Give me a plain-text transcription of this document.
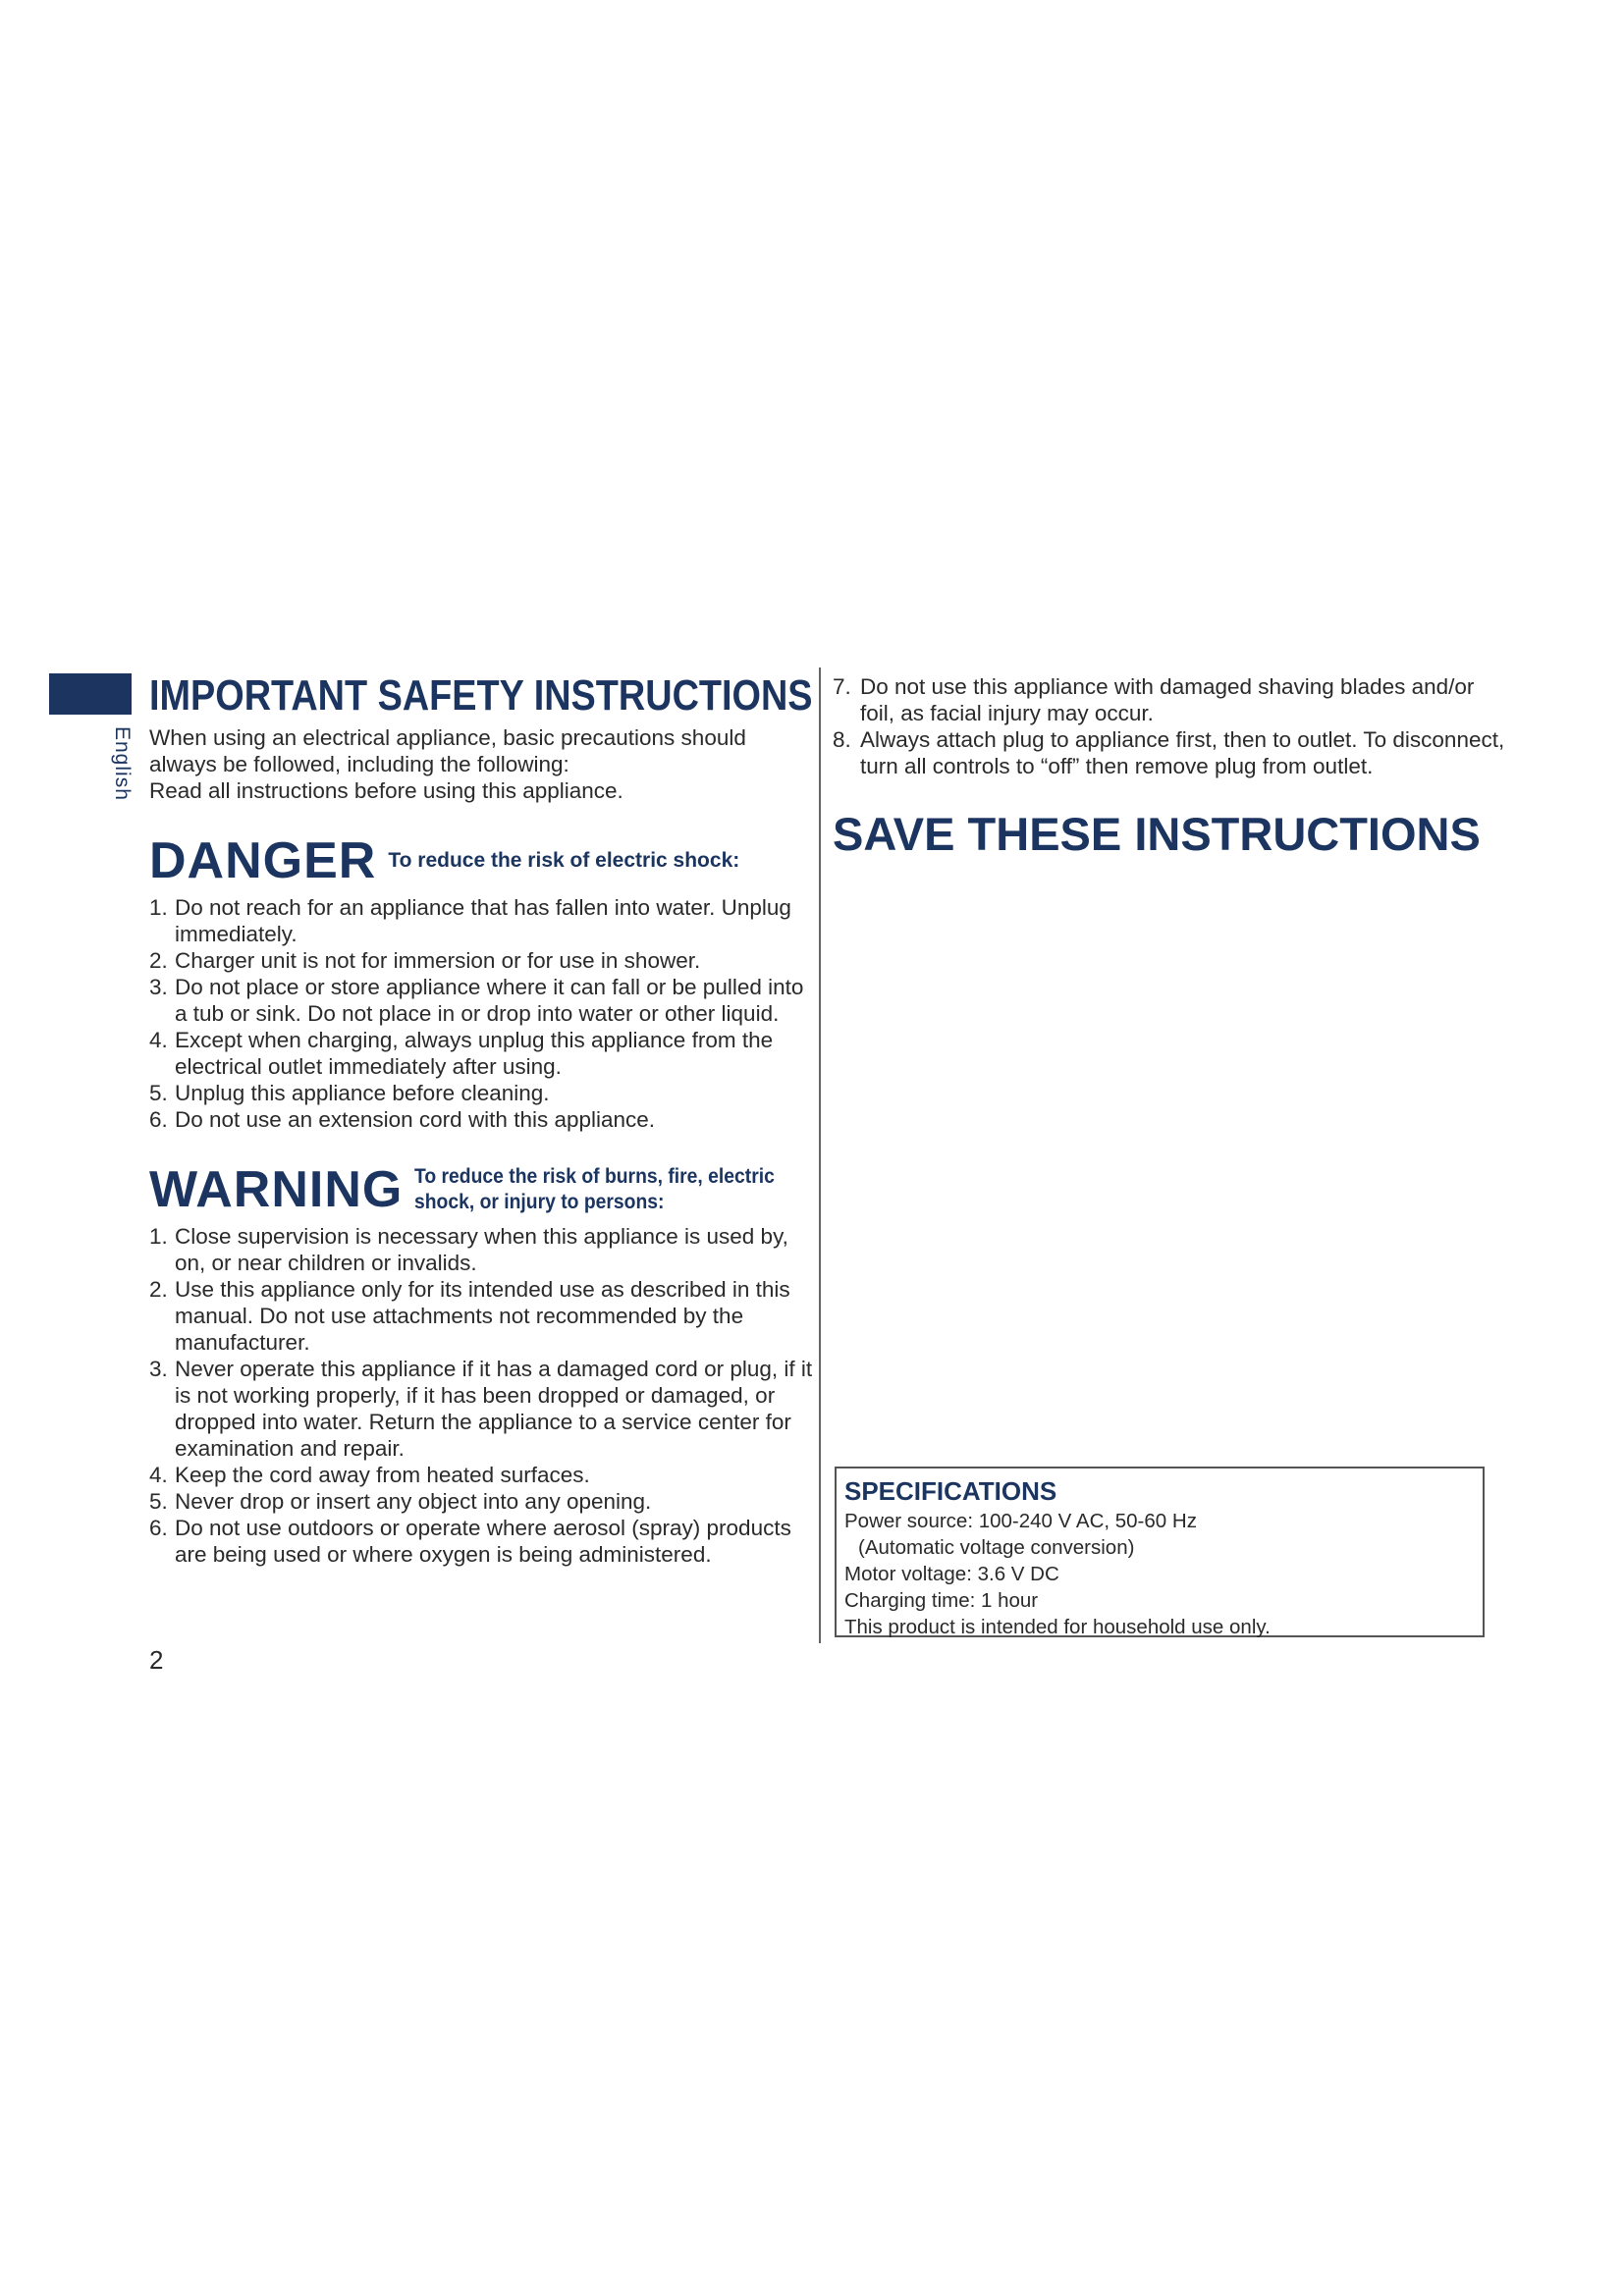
English
IMPORTANT SAFETY INSTRUCTIONS

When using an electrical appliance, basic precautions should

always be followed, including the following:

Read all instructions before using this appliance.

DANGER To reduce the risk of electric shock:
1. Do not reach for an appliance that has fallen into water. Unplug immediately.
2. Charger unit is not for immersion or for use in shower.
3. Do not place or store appliance where it can fall or be pulled into a tub or sink. Do not place in or drop into water or other liquid.
4. Except when charging, always unplug this appliance from the electrical outlet immediately after using.
5. Unplug this appliance before cleaning.
6. Do not use an extension cord with this appliance.
WARNING To reduce the risk of burns, fire, electric
shock, or injury to persons:
1. Close supervision is necessary when this appliance is used by, on, or near children or invalids.
2. Use this appliance only for its intended use as described in this manual. Do not use attachments not recommended by the manufacturer.
3. Never operate this appliance if it has a damaged cord or plug, if it is not working properly, if it has been dropped or damaged, or dropped into water. Return the appliance to a service center for examination and repair.
4. Keep the cord away from heated surfaces.
5. Never drop or insert any object into any opening.
6. Do not use outdoors or operate where aerosol (spray) products are being used or where oxygen is being administered.
7. Do not use this appliance with damaged shaving blades and/or foil, as facial injury may occur.
8. Always attach plug to appliance first, then to outlet. To disconnect, turn all controls to “off” then remove plug from outlet.
SAVE THESE INSTRUCTIONS
SPECIFICATIONS
Power source: 100-240 V AC, 50-60 Hz
(Automatic voltage conversion)
Motor voltage: 3.6 V DC
Charging time: 1 hour
This product is intended for household use only.
2
